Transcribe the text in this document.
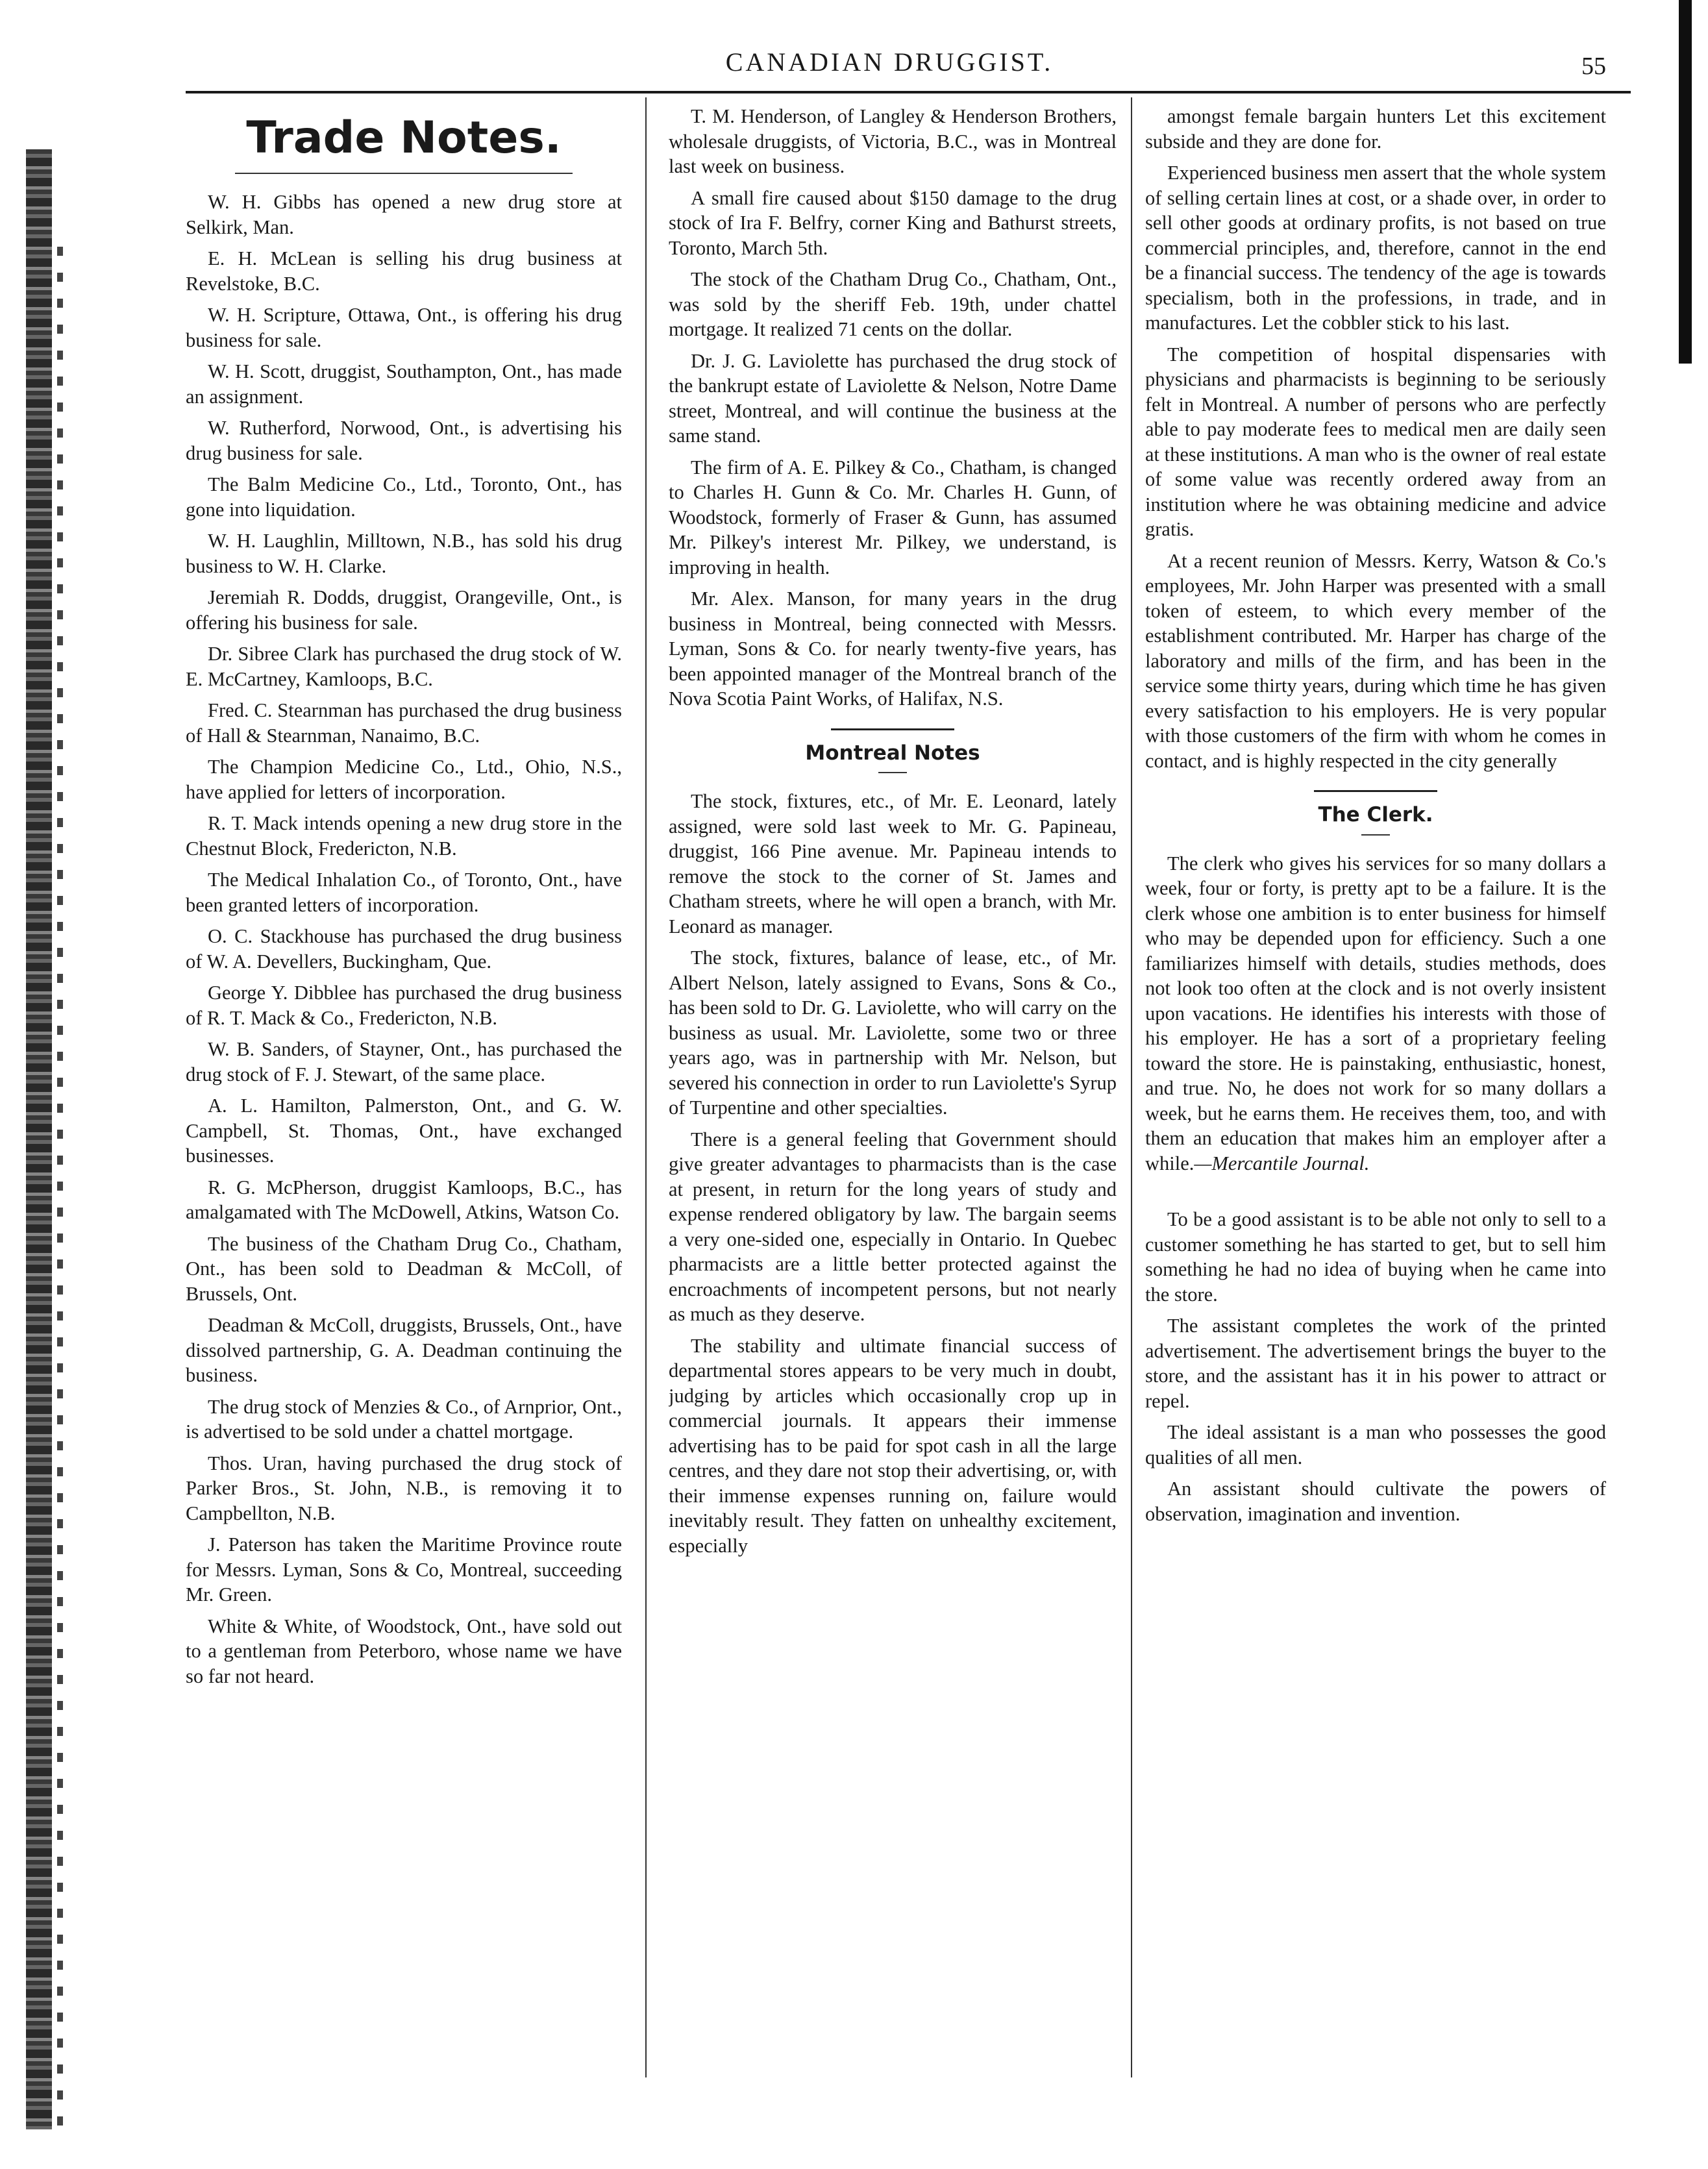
CANADIAN DRUGGIST.	55
Trade Notes.

W. H. Gibbs has opened a new drug store at Selkirk, Man.

E. H. McLean is selling his drug business at Revelstoke, B.C.

W. H. Scripture, Ottawa, Ont., is offering his drug business for sale.

W. H. Scott, druggist, Southampton, Ont., has made an assignment.

W. Rutherford, Norwood, Ont., is advertising his drug business for sale.

The Balm Medicine Co., Ltd., Toronto, Ont., has gone into liquidation.

W. H. Laughlin, Milltown, N.B., has sold his drug business to W. H. Clarke.

Jeremiah R. Dodds, druggist, Orangeville, Ont., is offering his business for sale.

Dr. Sibree Clark has purchased the drug stock of W. E. McCartney, Kamloops, B.C.

Fred. C. Stearnman has purchased the drug business of Hall & Stearnman, Nanaimo, B.C.

The Champion Medicine Co., Ltd., Ohio, N.S., have applied for letters of incorporation.

R. T. Mack intends opening a new drug store in the Chestnut Block, Fredericton, N.B.

The Medical Inhalation Co., of Toronto, Ont., have been granted letters of incorporation.

O. C. Stackhouse has purchased the drug business of W. A. Devellers, Buckingham, Que.

George Y. Dibblee has purchased the drug business of R. T. Mack & Co., Fredericton, N.B.

W. B. Sanders, of Stayner, Ont., has purchased the drug stock of F. J. Stewart, of the same place.

A. L. Hamilton, Palmerston, Ont., and G. W. Campbell, St. Thomas, Ont., have exchanged businesses.

R. G. McPherson, druggist Kamloops, B.C., has amalgamated with The McDowell, Atkins, Watson Co.

The business of the Chatham Drug Co., Chatham, Ont., has been sold to Deadman & McColl, of Brussels, Ont.

Deadman & McColl, druggists, Brussels, Ont., have dissolved partnership, G. A. Deadman continuing the business.

The drug stock of Menzies & Co., of Arnprior, Ont., is advertised to be sold under a chattel mortgage.

Thos. Uran, having purchased the drug stock of Parker Bros., St. John, N.B., is removing it to Campbellton, N.B.

J. Paterson has taken the Maritime Province route for Messrs. Lyman, Sons & Co, Montreal, succeeding Mr. Green.

White & White, of Woodstock, Ont., have sold out to a gentleman from Peterboro, whose name we have so far not heard.

T. M. Henderson, of Langley & Henderson Brothers, wholesale druggists, of Victoria, B.C., was in Montreal last week on business.

A small fire caused about $150 damage to the drug stock of Ira F. Belfry, corner King and Bathurst streets, Toronto, March 5th.

The stock of the Chatham Drug Co., Chatham, Ont., was sold by the sheriff Feb. 19th, under chattel mortgage. It realized 71 cents on the dollar.

Dr. J. G. Laviolette has purchased the drug stock of the bankrupt estate of Laviolette & Nelson, Notre Dame street, Montreal, and will continue the business at the same stand.

The firm of A. E. Pilkey & Co., Chatham, is changed to Charles H. Gunn & Co. Mr. Charles H. Gunn, of Woodstock, formerly of Fraser & Gunn, has assumed Mr. Pilkey's interest Mr. Pilkey, we understand, is improving in health.

Mr. Alex. Manson, for many years in the drug business in Montreal, being connected with Messrs. Lyman, Sons & Co. for nearly twenty-five years, has been appointed manager of the Montreal branch of the Nova Scotia Paint Works, of Halifax, N.S.

Montreal Notes

The stock, fixtures, etc., of Mr. E. Leonard, lately assigned, were sold last week to Mr. G. Papineau, druggist, 166 Pine avenue. Mr. Papineau intends to remove the stock to the corner of St. James and Chatham streets, where he will open a branch, with Mr. Leonard as manager.

The stock, fixtures, balance of lease, etc., of Mr. Albert Nelson, lately assigned to Evans, Sons & Co., has been sold to Dr. G. Laviolette, who will carry on the business as usual. Mr. Laviolette, some two or three years ago, was in partnership with Mr. Nelson, but severed his connection in order to run Laviolette's Syrup of Turpentine and other specialties.

There is a general feeling that Government should give greater advantages to pharmacists than is the case at present, in return for the long years of study and expense rendered obligatory by law. The bargain seems a very one-sided one, especially in Ontario. In Quebec pharmacists are a little better protected against the encroachments of incompetent persons, but not nearly as much as they deserve.

The stability and ultimate financial success of departmental stores appears to be very much in doubt, judging by articles which occasionally crop up in commercial journals. It appears their immense advertising has to be paid for spot cash in all the large centres, and they dare not stop their advertising, or, with their immense expenses running on, failure would inevitably result. They fatten on unhealthy excitement, especially

amongst female bargain hunters Let this excitement subside and they are done for.

Experienced business men assert that the whole system of selling certain lines at cost, or a shade over, in order to sell other goods at ordinary profits, is not based on true commercial principles, and, therefore, cannot in the end be a financial success. The tendency of the age is towards specialism, both in the professions, in trade, and in manufactures. Let the cobbler stick to his last.

The competition of hospital dispensaries with physicians and pharmacists is beginning to be seriously felt in Montreal. A number of persons who are perfectly able to pay moderate fees to medical men are daily seen at these institutions. A man who is the owner of real estate of some value was recently ordered away from an institution where he was obtaining medicine and advice gratis.

At a recent reunion of Messrs. Kerry, Watson & Co.'s employees, Mr. John Harper was presented with a small token of esteem, to which every member of the establishment contributed. Mr. Harper has charge of the laboratory and mills of the firm, and has been in the service some thirty years, during which time he has given every satisfaction to his employers. He is very popular with those customers of the firm with whom he comes in contact, and is highly respected in the city generally

The Clerk.

The clerk who gives his services for so many dollars a week, four or forty, is pretty apt to be a failure. It is the clerk whose one ambition is to enter business for himself who may be depended upon for efficiency. Such a one familiarizes himself with details, studies methods, does not look too often at the clock and is not overly insistent upon vacations. He identifies his interests with those of his employer. He has a sort of a proprietary feeling toward the store. He is painstaking, enthusiastic, honest, and true. No, he does not work for so many dollars a week, but he earns them. He receives them, too, and with them an education that makes him an employer after a while.—Mercantile Journal.

To be a good assistant is to be able not only to sell to a customer something he has started to get, but to sell him something he had no idea of buying when he came into the store.

The assistant completes the work of the printed advertisement. The advertisement brings the buyer to the store, and the assistant has it in his power to attract or repel.

The ideal assistant is a man who possesses the good qualities of all men.

An assistant should cultivate the powers of observation, imagination and invention.
